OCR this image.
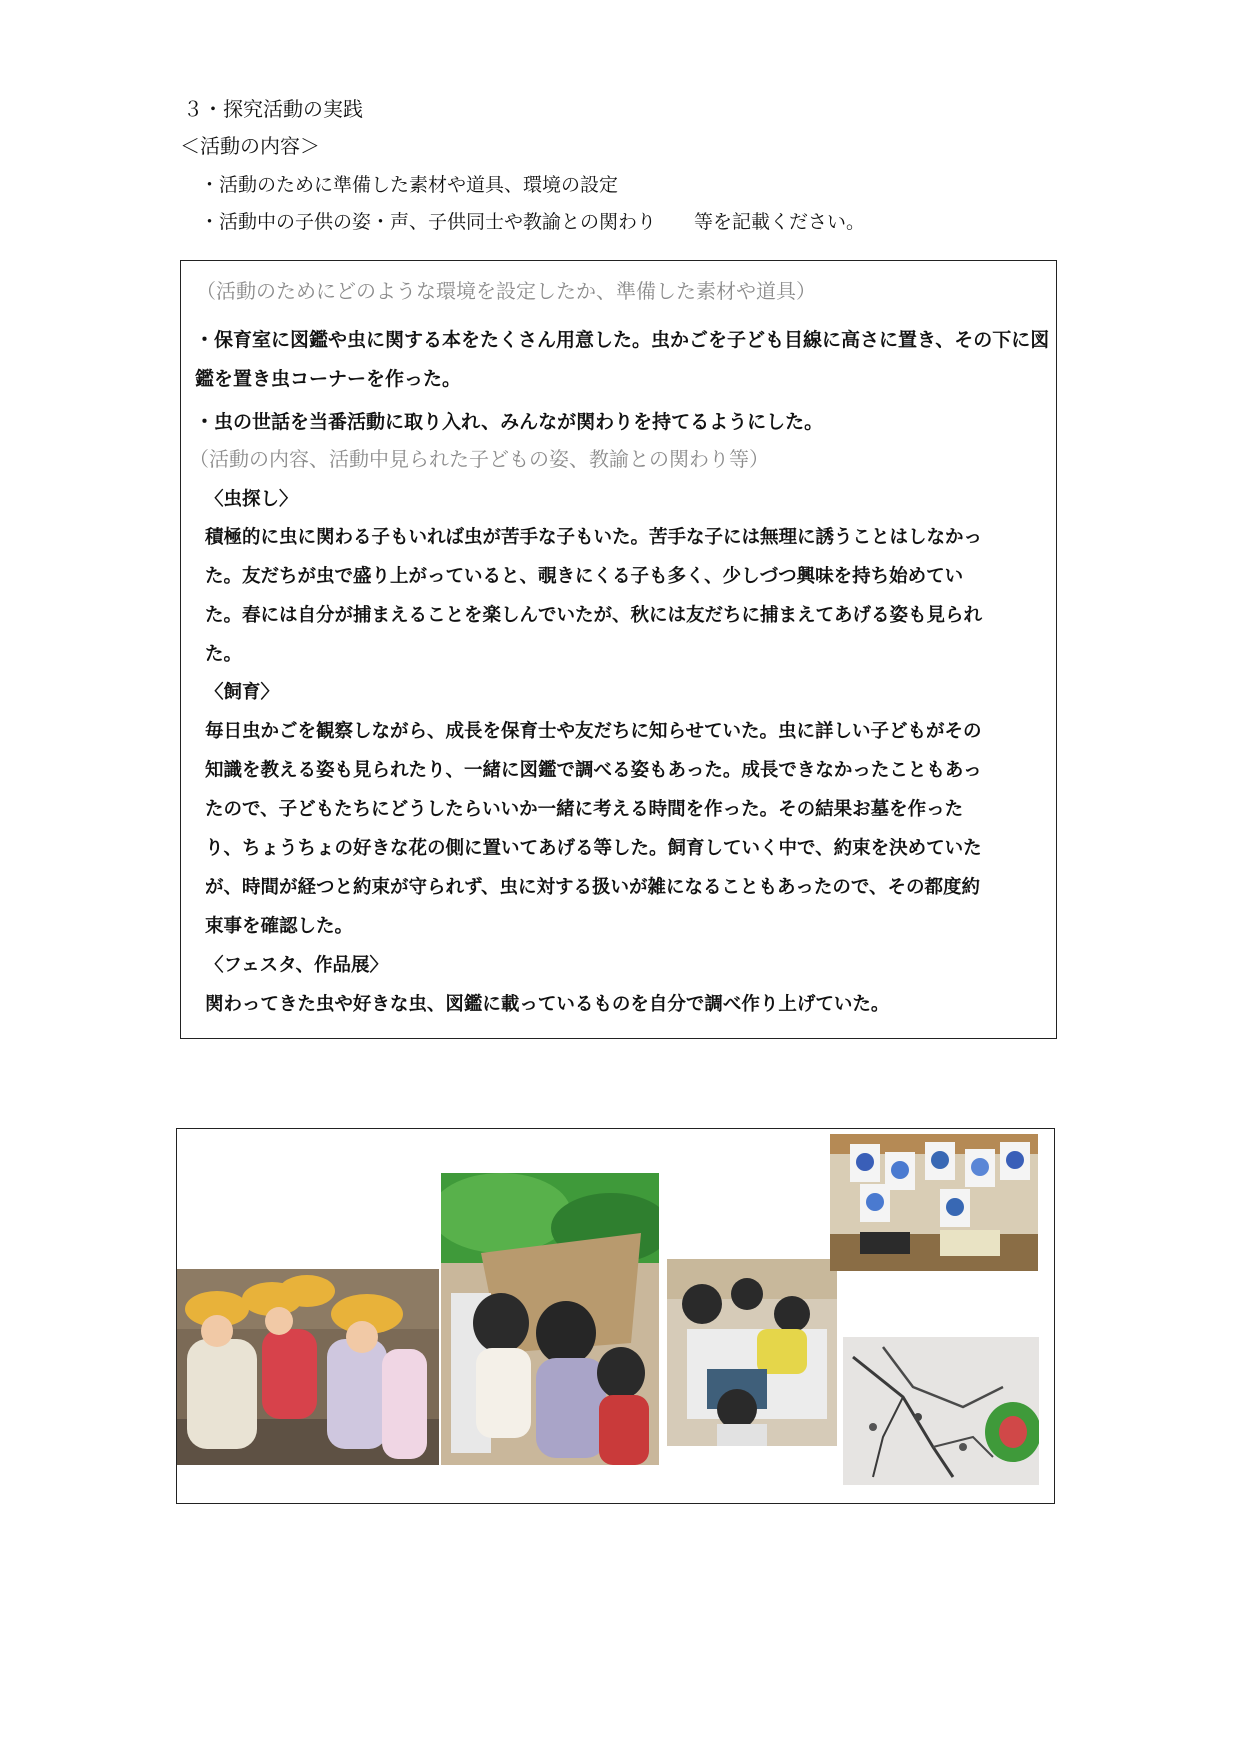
３・探究活動の実践
＜活動の内容＞
・活動のために準備した素材や道具、環境の設定
・活動中の子供の姿・声、子供同士や教諭との関わり　　等を記載ください。
（活動のためにどのような環境を設定したか、準備した素材や道具）
・保育室に図鑑や虫に関する本をたくさん用意した。虫かごを子ども目線に高さに置き、その下に図
鑑を置き虫コーナーを作った。
・虫の世話を当番活動に取り入れ、みんなが関わりを持てるようにした。
（活動の内容、活動中見られた子どもの姿、教諭との関わり等）
〈虫探し〉
積極的に虫に関わる子もいれば虫が苦手な子もいた。苦手な子には無理に誘うことはしなかっ
た。友だちが虫で盛り上がっていると、覗きにくる子も多く、少しづつ興味を持ち始めてい
た。春には自分が捕まえることを楽しんでいたが、秋には友だちに捕まえてあげる姿も見られ
た。
〈飼育〉
毎日虫かごを観察しながら、成長を保育士や友だちに知らせていた。虫に詳しい子どもがその
知識を教える姿も見られたり、一緒に図鑑で調べる姿もあった。成長できなかったこともあっ
たので、子どもたちにどうしたらいいか一緒に考える時間を作った。その結果お墓を作った
り、ちょうちょの好きな花の側に置いてあげる等した。飼育していく中で、約束を決めていた
が、時間が経つと約束が守られず、虫に対する扱いが雑になることもあったので、その都度約
束事を確認した。
〈フェスタ、作品展〉
関わってきた虫や好きな虫、図鑑に載っているものを自分で調べ作り上げていた。
